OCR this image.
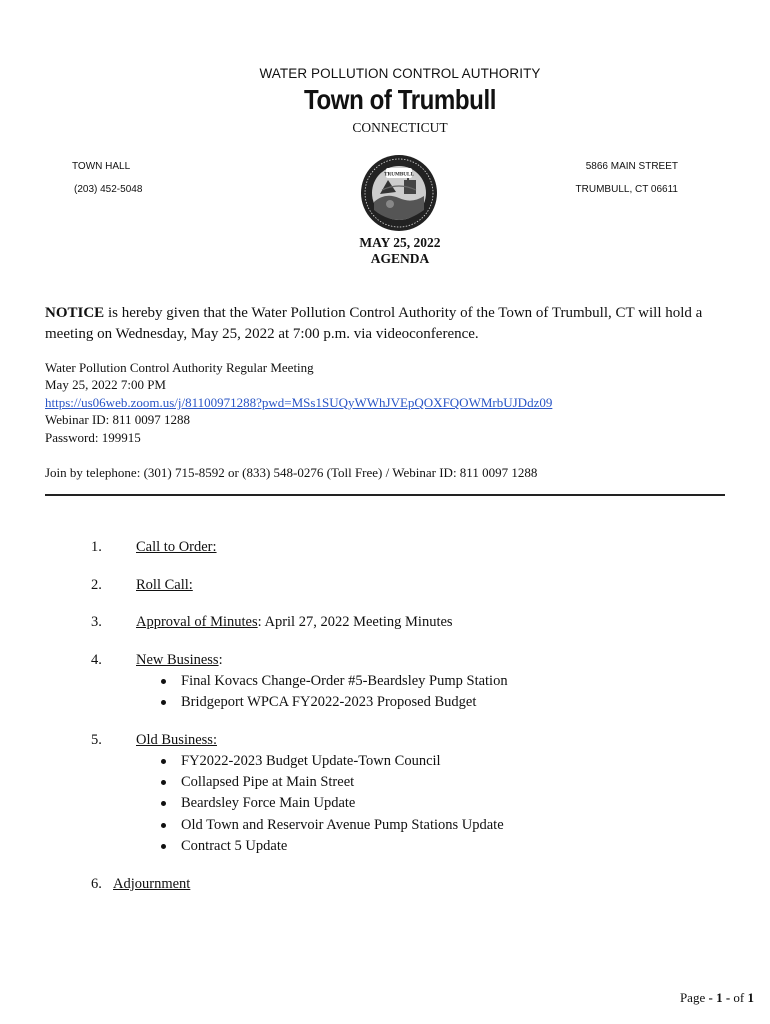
WATER POLLUTION CONTROL AUTHORITY
Town of Trumbull
CONNECTICUT
TOWN HALL
(203) 452-5048
5866 MAIN STREET
TRUMBULL, CT 06611
TRUMBULL
MAY 25, 2022
AGENDA
NOTICE is hereby given that the Water Pollution Control Authority of the Town of Trumbull, CT will hold a meeting on Wednesday, May 25, 2022 at 7:00 p.m. via videoconference.
Water Pollution Control Authority Regular Meeting
May 25, 2022 7:00 PM
https://us06web.zoom.us/j/81100971288?pwd=MSs1SUQyWWhJVEpQOXFQOWMrbUJDdz09
Webinar ID: 811 0097 1288
Password: 199915
Join by telephone: (301) 715-8592 or (833) 548-0276 (Toll Free) / Webinar ID: 811 0097 1288
1.	Call to Order:
2.	Roll Call:
3.	Approval of Minutes: April 27, 2022 Meeting Minutes
4.	New Business:
Final Kovacs Change-Order #5-Beardsley Pump Station
Bridgeport WPCA FY2022-2023 Proposed Budget
5.	Old Business:
FY2022-2023 Budget Update-Town Council
Collapsed Pipe at Main Street
Beardsley Force Main Update
Old Town and Reservoir Avenue Pump Stations Update
Contract 5 Update
6. Adjournment
Page - 1 - of 1
